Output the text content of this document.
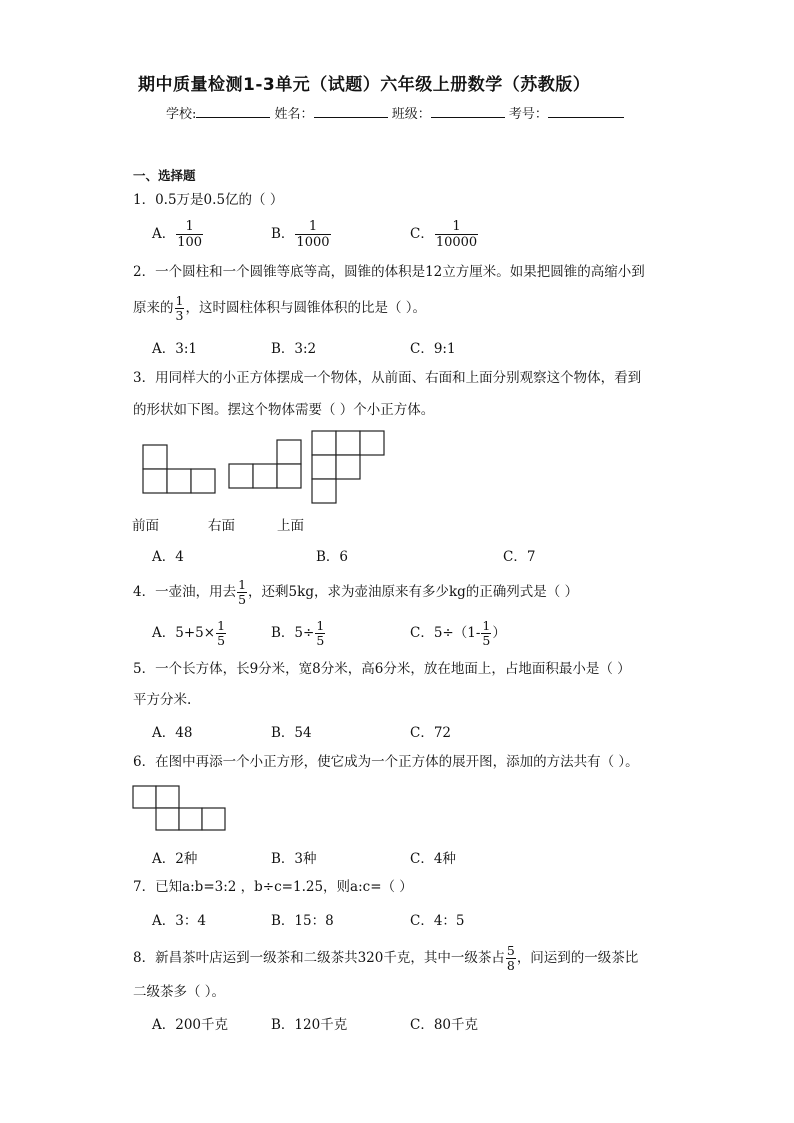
期中质量检测1-3单元（试题）六年级上册数学（苏教版）
学校:	姓名：	班级：	考号：
一、选择题
1．0.5万是0.5亿的（ ）
A． $\frac{1}{100}$	B． $\frac{1}{1000}$	C． $\frac{1}{10000}$
2．一个圆柱和一个圆锥等底等高，圆锥的体积是12立方厘米。如果把圆锥的高缩小到
原来的 $\frac{1}{3}$ ，这时圆柱体积与圆锥体积的比是（ ）。
A．3:1	B．3:2	C．9:1
3．用同样大的小正方体摆成一个物体，从前面、右面和上面分别观察这个物体，看到
的形状如下图。摆这个物体需要（ ）个小正方体。
前面	右面	上面
A．4	B．6	C．7
4．一壶油，用去 $\frac{1}{5}$ ，还剩5kg，求为壶油原来有多少kg的正确列式是（ ）
A．$5+5\times \frac{1}{5}$	B．$5\div \frac{1}{5}$	C．$5\div(1- \frac{1}{5}$ ）
5．一个长方体，长9分米，宽8分米，高6分米，放在地面上，占地面积最小是（ ）
平方分米.
A．48	B．54	C．72
6．在图中再添一个小正方形，使它成为一个正方体的展开图，添加的方法共有（ ）。
A．2种	B．3种	C．4种
7．已知a:b=3:2 ，b÷c=1.25，则a:c=（ ）
A．3：4	B．15：8	C．4：5
8．新昌茶叶店运到一级茶和二级茶共320千克，其中一级茶占 $\frac{5}{8}$ ，问运到的一级茶比
二级茶多（ ）。
A．200千克	B．120千克	C．80千克
